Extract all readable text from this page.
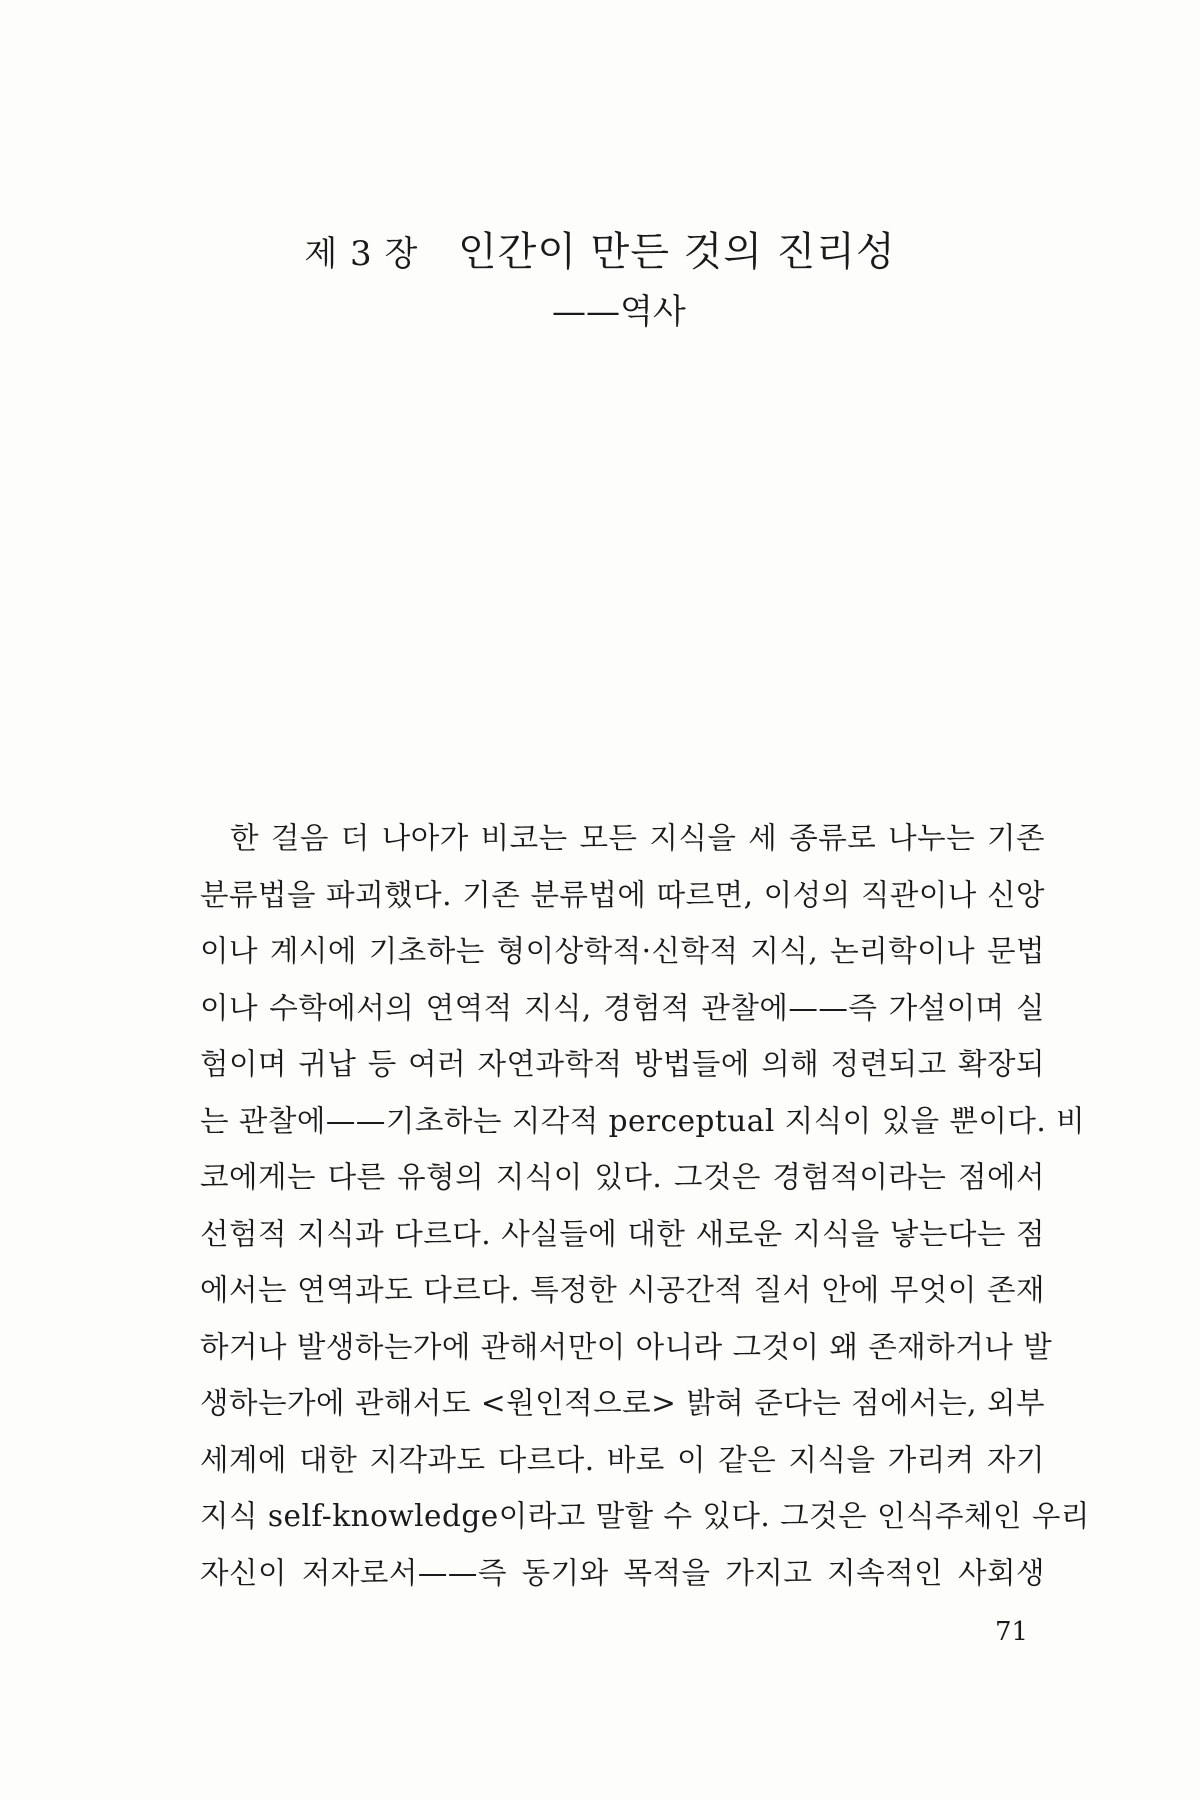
제 3 장 인간이 만든 것의 진리성
——역사
한 걸음 더 나아가 비코는 모든 지식을 세 종류로 나누는 기존
분류법을 파괴했다. 기존 분류법에 따르면, 이성의 직관이나 신앙
이나 계시에 기초하는 형이상학적·신학적 지식, 논리학이나 문법
이나 수학에서의 연역적 지식, 경험적 관찰에——즉 가설이며 실
험이며 귀납 등 여러 자연과학적 방법들에 의해 정련되고 확장되
는 관찰에——기초하는 지각적 perceptual 지식이 있을 뿐이다. 비
코에게는 다른 유형의 지식이 있다. 그것은 경험적이라는 점에서
선험적 지식과 다르다. 사실들에 대한 새로운 지식을 낳는다는 점
에서는 연역과도 다르다. 특정한 시공간적 질서 안에 무엇이 존재
하거나 발생하는가에 관해서만이 아니라 그것이 왜 존재하거나 발
생하는가에 관해서도 <원인적으로> 밝혀 준다는 점에서는, 외부
세계에 대한 지각과도 다르다. 바로 이 같은 지식을 가리켜 자기
지식 self-knowledge이라고 말할 수 있다. 그것은 인식주체인 우리
자신이 저자로서——즉 동기와 목적을 가지고 지속적인 사회생
71
